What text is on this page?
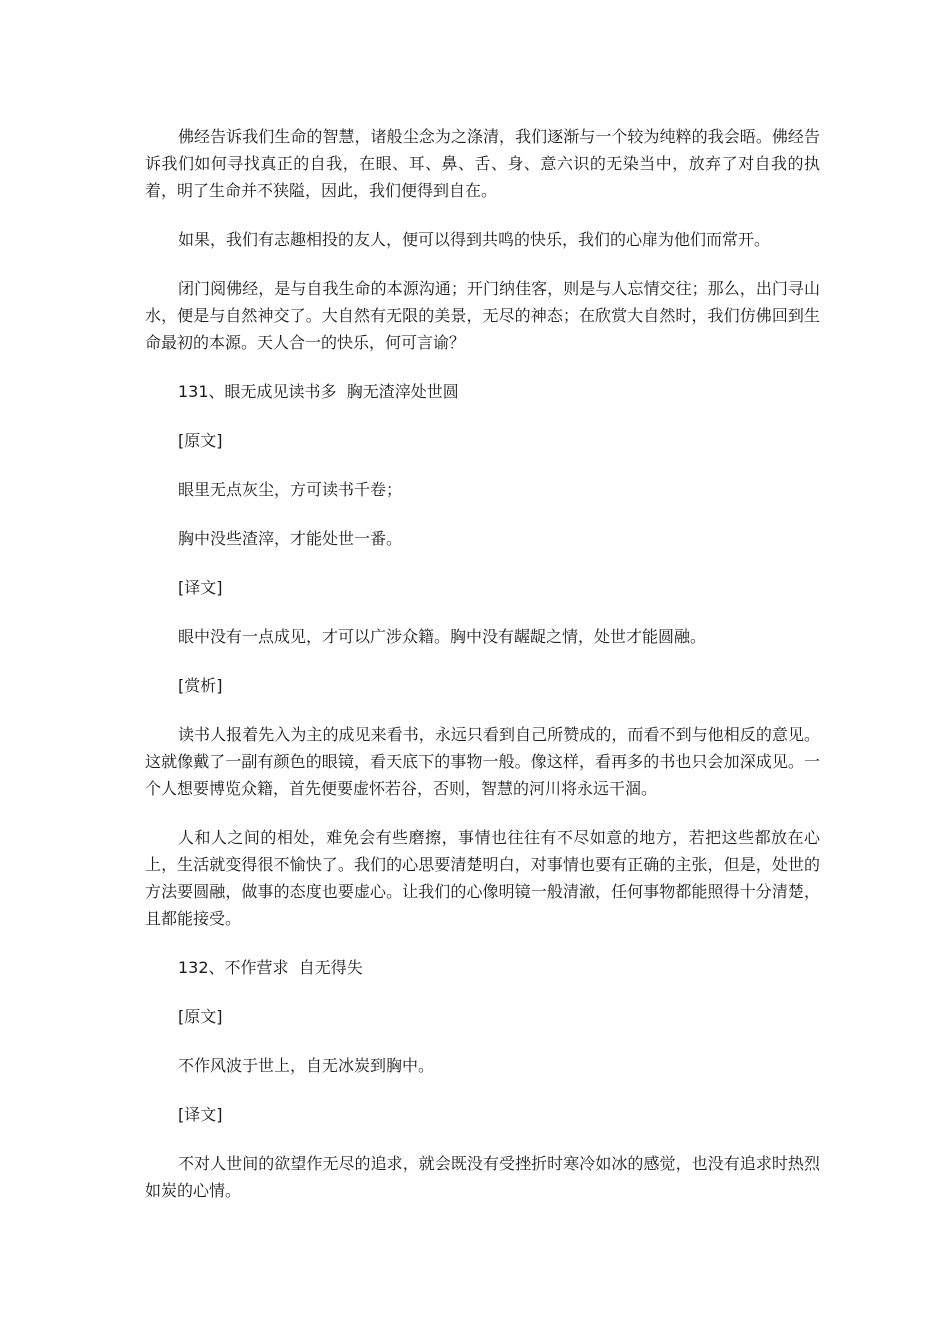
佛经告诉我们生命的智慧，诸般尘念为之涤清，我们逐渐与一个较为纯粹的我会晤。佛经告诉我们如何寻找真正的自我，在眼、耳、鼻、舌、身、意六识的无染当中，放弃了对自我的执着，明了生命并不狭隘，因此，我们便得到自在。

如果，我们有志趣相投的友人，便可以得到共鸣的快乐，我们的心扉为他们而常开。

闭门阅佛经，是与自我生命的本源沟通；开门纳佳客，则是与人忘情交往；那么，出门寻山水，便是与自然神交了。大自然有无限的美景，无尽的神态；在欣赏大自然时，我们仿佛回到生命最初的本源。天人合一的快乐，何可言谕？

131、眼无成见读书多  胸无渣滓处世圆

[原文]

眼里无点灰尘，方可读书千卷；

胸中没些渣滓，才能处世一番。

[译文]

眼中没有一点成见，才可以广涉众籍。胸中没有龌龊之情，处世才能圆融。

[赏析]

读书人报着先入为主的成见来看书，永远只看到自己所赞成的，而看不到与他相反的意见。这就像戴了一副有颜色的眼镜，看天底下的事物一般。像这样，看再多的书也只会加深成见。一个人想要博览众籍，首先便要虚怀若谷，否则，智慧的河川将永远干涸。

人和人之间的相处，难免会有些磨擦，事情也往往有不尽如意的地方，若把这些都放在心上，生活就变得很不愉快了。我们的心思要清楚明白，对事情也要有正确的主张，但是，处世的方法要圆融，做事的态度也要虚心。让我们的心像明镜一般清澈，任何事物都能照得十分清楚，且都能接受。

132、不作营求  自无得失

[原文]

不作风波于世上，自无冰炭到胸中。

[译文]

不对人世间的欲望作无尽的追求，就会既没有受挫折时寒冷如冰的感觉，也没有追求时热烈如炭的心情。
